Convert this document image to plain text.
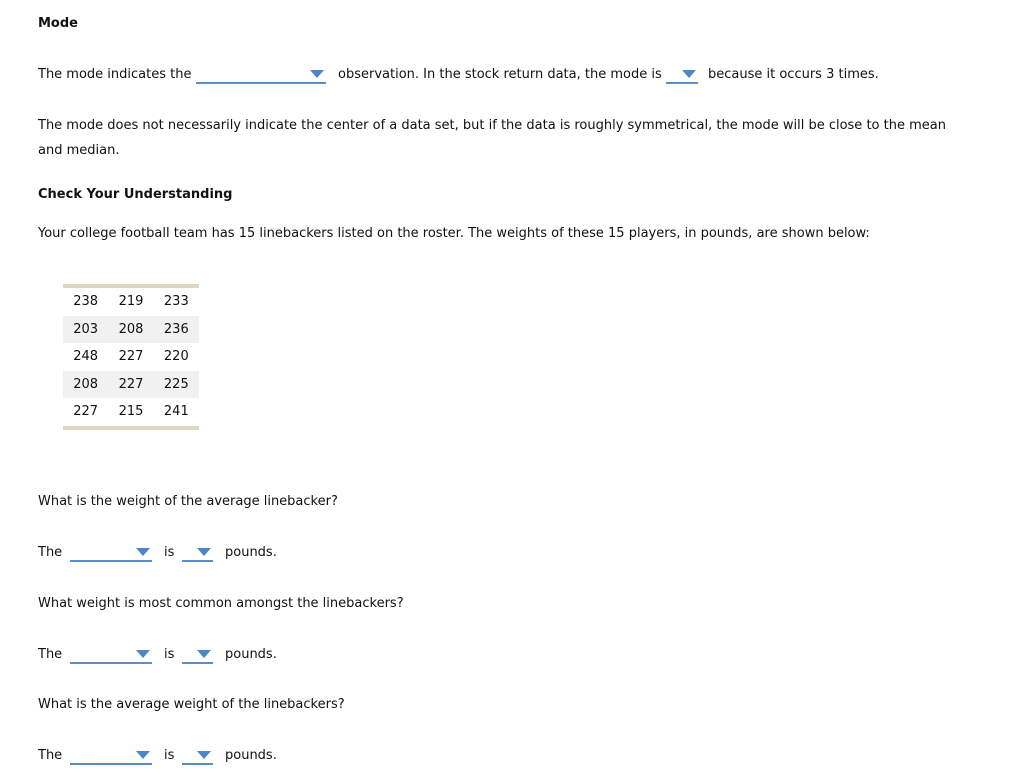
Mode
The mode indicates the	observation. In the stock return data, the mode is	because it occurs 3 times.
The mode does not necessarily indicate the center of a data set, but if the data is roughly symmetrical, the mode will be close to the mean and median.
Check Your Understanding
Your college football team has 15 linebackers listed on the roster. The weights of these 15 players, in pounds, are shown below:
238	219	233
203	208	236
248	227	220
208	227	225
227	215	241
What is the weight of the average linebacker?
The	is	pounds.
What weight is most common amongst the linebackers?
The	is	pounds.
What is the average weight of the linebackers?
The	is	pounds.
